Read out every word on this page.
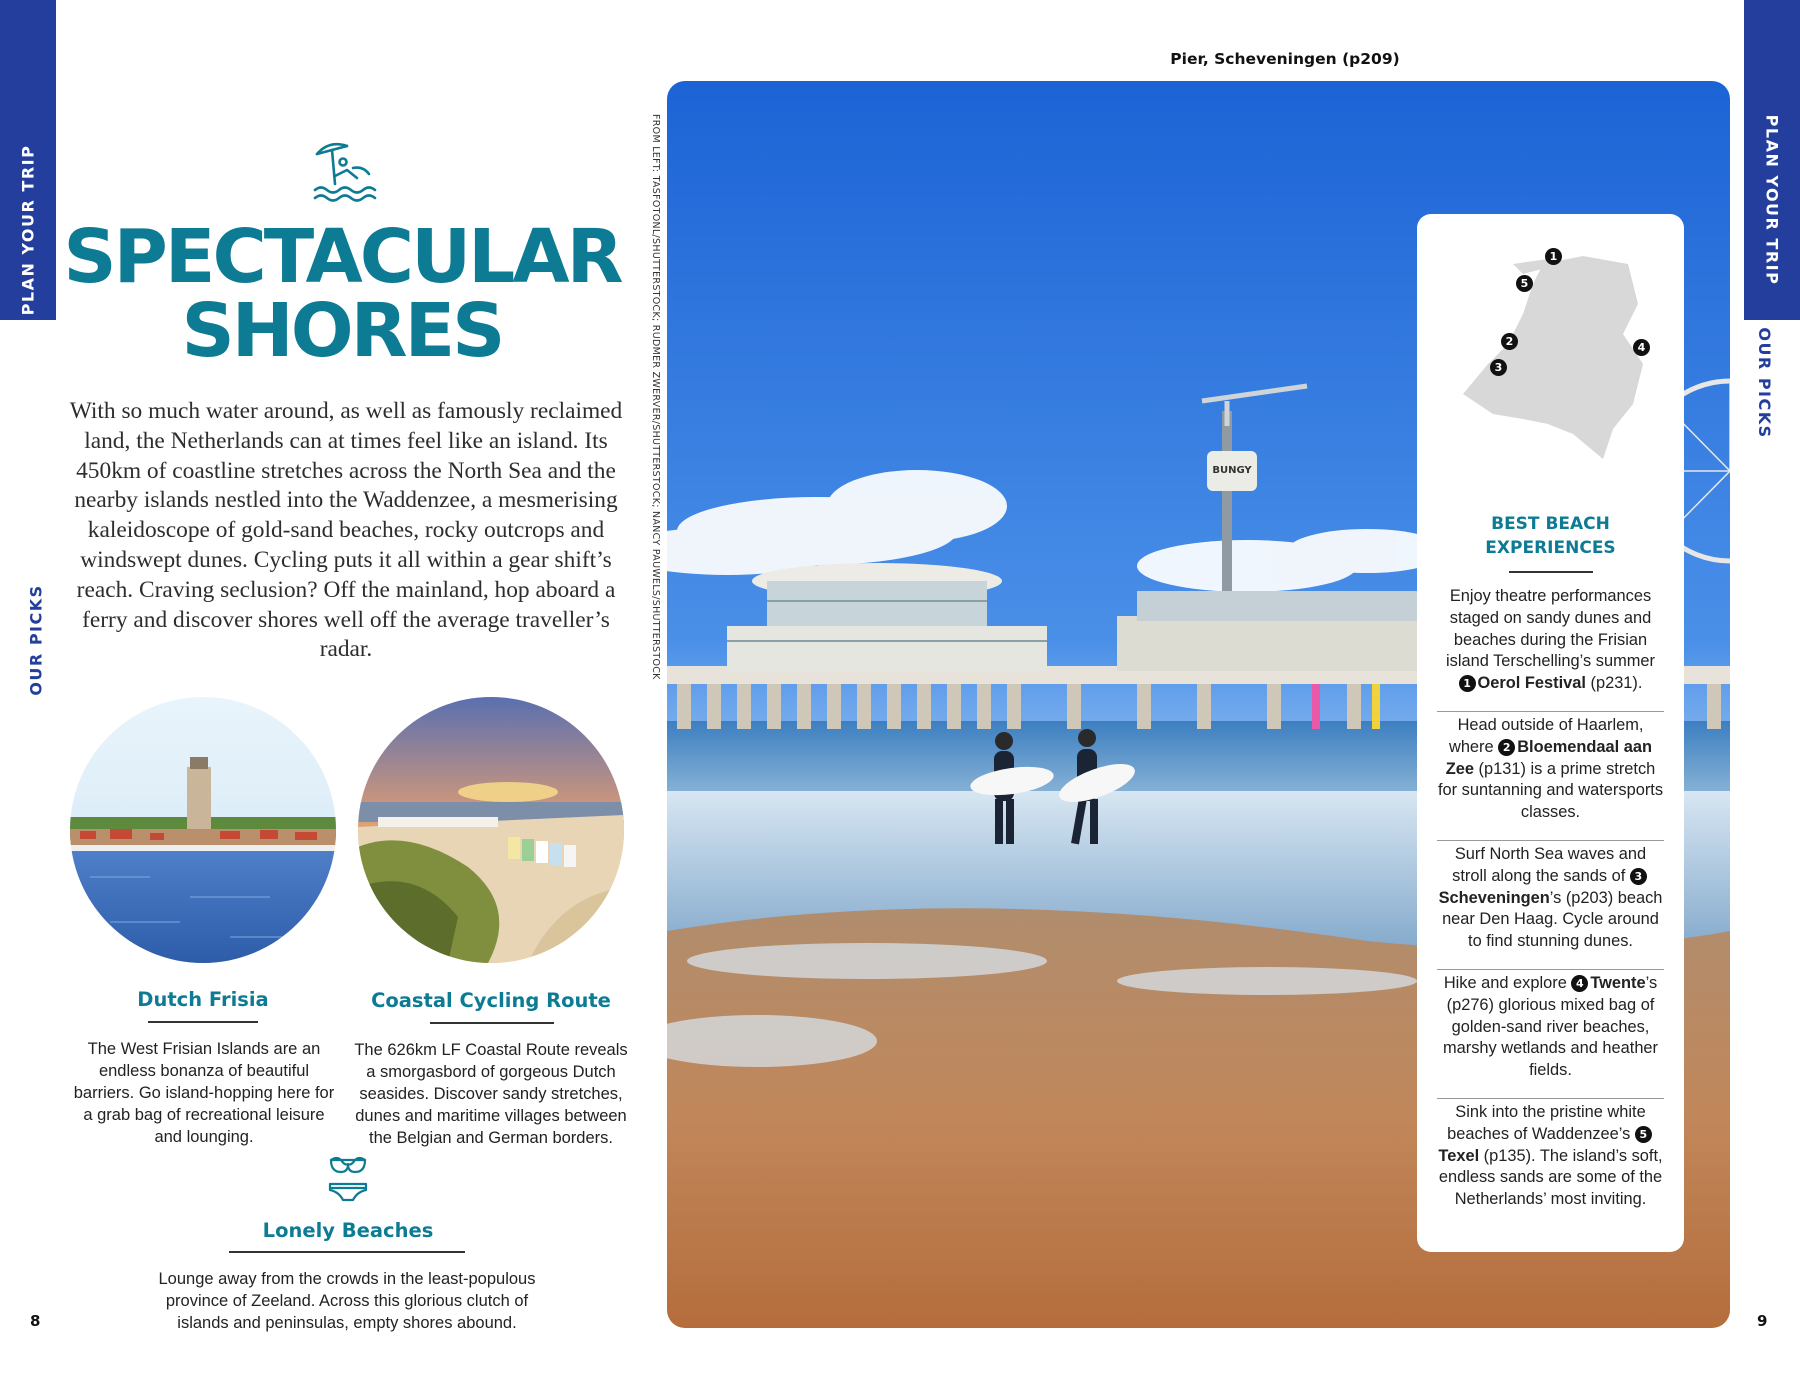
PLAN YOUR TRIP	PLAN YOUR TRIP
OUR PICKS
OUR PICKS
8	9
SPECTACULAR
SHORES

With so much water around, as well as famously reclaimed land, the Netherlands can at times feel like an island. Its 450km of coastline stretches across the North Sea and the nearby islands nestled into the Waddenzee, a mesmerising kaleidoscope of gold-sand beaches, rocky outcrops and windswept dunes. Cycling puts it all within a gear shift’s reach. Craving seclusion? Off the mainland, hop aboard a ferry and discover shores well off the average traveller’s radar.

Dutch Frisia

The West Frisian Islands are an endless bonanza of beautiful barriers. Go island-hopping here for a grab bag of recreational leisure and lounging.

Coastal Cycling Route

The 626km LF Coastal Route reveals a smorgasbord of gorgeous Dutch seasides. Discover sandy stretches, dunes and maritime villages between the Belgian and German borders.

Lonely Beaches

Lounge away from the crowds in the least-populous province of Zeeland. Across this glorious clutch of islands and peninsulas, empty shores abound.

FROM LEFT: TASFOTONL/SHUTTERSTOCK; RUDMER ZWERVER/SHUTTERSTOCK; NANCY PAUWELS/SHUTTERSTOCK
Pier, Scheveningen (p209)
BUNGY
1
5
2
3
4
BEST BEACH
EXPERIENCES

Enjoy theatre performances staged on sandy dunes and beaches during the Frisian island Terschelling’s summer 1 Oerol Festival (p231).

Head outside of Haarlem, where 2 Bloemendaal aan Zee (p131) is a prime stretch for suntanning and watersports classes.

Surf North Sea waves and stroll along the sands of 3Scheveningen’s (p203) beach near Den Haag. Cycle around to find stunning dunes.

Hike and explore 4 Twente’s (p276) glorious mixed bag of golden-sand river beaches, marshy wetlands and heather fields.

Sink into the pristine white beaches of Waddenzee’s 5Texel (p135). The island’s soft, endless sands are some of the Netherlands’ most inviting.
